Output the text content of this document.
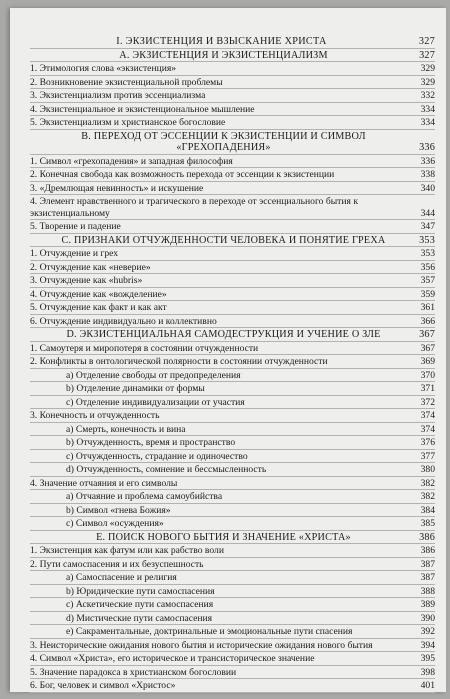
I. ЭКЗИСТЕНЦИЯ И ВЗЫСКАНИЕ ХРИСТА	327
А. ЭКЗИСТЕНЦИЯ И ЭКЗИСТЕНЦИАЛИЗМ	327
1. Этимология слова «экзистенция»	329
2. Возникновение экзистенциальной проблемы	329
3. Экзистенциализм против эссенциализма	332
4. Экзистенциальное и экзистенциональное мышление	334
5. Экзистенциализм и христианское богословие	334
В. ПЕРЕХОД ОТ ЭССЕНЦИИ К ЭКЗИСТЕНЦИИ И СИМВОЛ «ГРЕХОПАДЕНИЯ»	336
1. Символ «грехопадения» и западная философия	336
2. Конечная свобода как возможность перехода от эссенции к экзистенции	338
3. «Дремлющая невинность» и искушение	340
4. Элемент нравственного и трагического в переходе от эссенциального бытия к экзистенциальному	344
5. Творение и падение	347
С. ПРИЗНАКИ ОТЧУЖДЕННОСТИ ЧЕЛОВЕКА И ПОНЯТИЕ ГРЕХА	353
1. Отчуждение и грех	353
2. Отчуждение как «неверие»	356
3. Отчуждение как «hubris»	357
4. Отчуждение как «вожделение»	359
5. Отчуждение как факт и как акт	361
6. Отчуждение индивидуально и коллективно	366
D. ЭКЗИСТЕНЦИАЛЬНАЯ САМОДЕСТРУКЦИЯ И УЧЕНИЕ О ЗЛЕ	367
1. Самоутеря и миропотеря в состоянии отчужденности	367
2. Конфликты в онтологической полярности в состоянии отчужденности	369
а) Отделение свободы от предопределения	370
b) Отделение динамики от формы	371
с) Отделение индивидуализации от участия	372
3. Конечность и отчужденность	374
а) Смерть, конечность и вина	374
b) Отчужденность, время и пространство	376
с) Отчужденность, страдание и одиночество	377
d) Отчужденность, сомнение и бессмысленность	380
4. Значение отчаяния и его символы	382
а) Отчаяние и проблема самоубийства	382
b) Символ «гнева Божия»	384
с) Символ «осуждения»	385
Е. ПОИСК НОВОГО БЫТИЯ И ЗНАЧЕНИЕ «ХРИСТА»	386
1. Экзистенция как фатум или как рабство воли	386
2. Пути самоспасения и их безуспешность	387
а) Самоспасение и религия	387
b) Юридические пути самоспасения	388
с) Аскетические пути самоспасения	389
d) Мистические пути самоспасения	390
е) Сакраментальные, доктринальные и эмоциональные пути спасения	392
3. Неисторические ожидания нового бытия и исторические ожидания нового бытия	394
4. Символ «Христа», его историческое и трансисторическое значение	395
5. Значение парадокса в христианском богословии	398
6. Бог, человек и символ «Христос»	401
